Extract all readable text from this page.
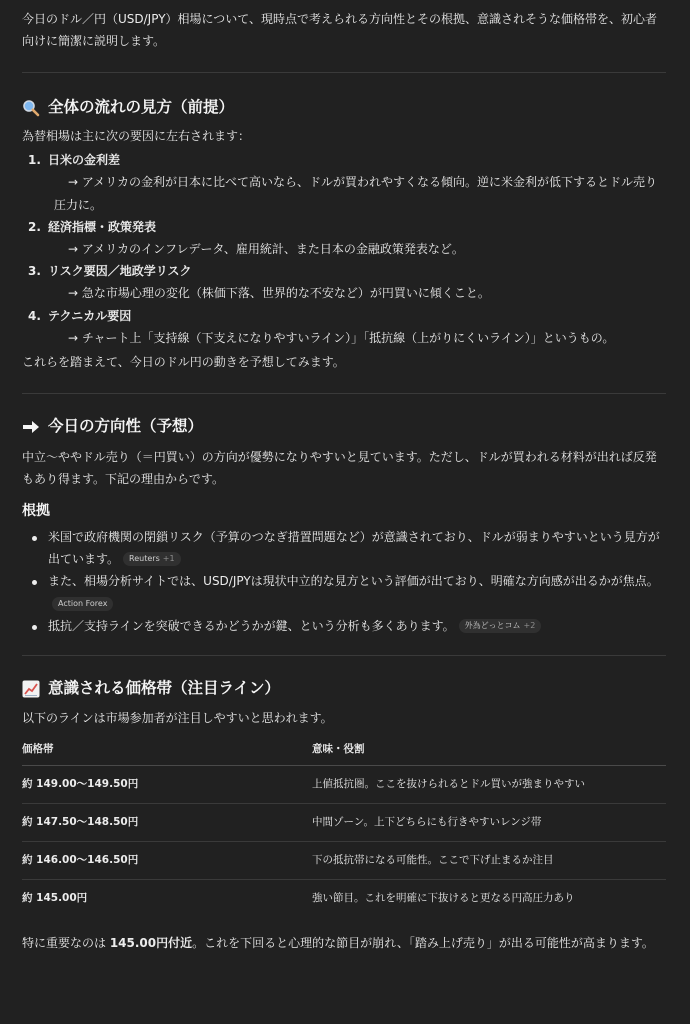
今日のドル／円（USD/JPY）相場について、現時点で考えられる方向性とその根拠、意識されそうな価格帯を、初心者向けに簡潔に説明します。
全体の流れの見方（前提）
為替相場は主に次の要因に左右されます：
1. 日米の金利差
→ アメリカの金利が日本に比べて高いなら、ドルが買われやすくなる傾向。逆に米金利が低下するとドル売り圧力に。
2. 経済指標・政策発表
→ アメリカのインフレデータ、雇用統計、また日本の金融政策発表など。
3. リスク要因／地政学リスク
→ 急な市場心理の変化（株価下落、世界的な不安など）が円買いに傾くこと。
4. テクニカル要因
→ チャート上「支持線（下支えになりやすいライン）」「抵抗線（上がりにくいライン）」というもの。
これらを踏まえて、今日のドル円の動きを予想してみます。
今日の方向性（予想）
中立〜ややドル売り（＝円買い）の方向が優勢になりやすいと見ています。ただし、ドルが買われる材料が出れば反発もあり得ます。下記の理由からです。
根拠
米国で政府機関の閉鎖リスク（予算のつなぎ措置問題など）が意識されており、ドルが弱まりやすいという見方が出ています。 Reuters +1
また、相場分析サイトでは、USD/JPYは現状中立的な見方という評価が出ており、明確な方向感が出るかが焦点。Action Forex
抵抗／支持ラインを突破できるかどうかが鍵、という分析も多くあります。 外為どっとコム +2
意識される価格帯（注目ライン）
以下のラインは市場参加者が注目しやすいと思われます。
価格帯	意味・役割
約 149.00〜149.50円	上値抵抗圏。ここを抜けられるとドル買いが強まりやすい
約 147.50〜148.50円	中間ゾーン。上下どちらにも行きやすいレンジ帯
約 146.00〜146.50円	下の抵抗帯になる可能性。ここで下げ止まるか注目
約 145.00円	強い節目。これを明確に下抜けると更なる円高圧力あり
特に重要なのは 145.00円付近。これを下回ると心理的な節目が崩れ、「踏み上げ売り」が出る可能性が高まります。
